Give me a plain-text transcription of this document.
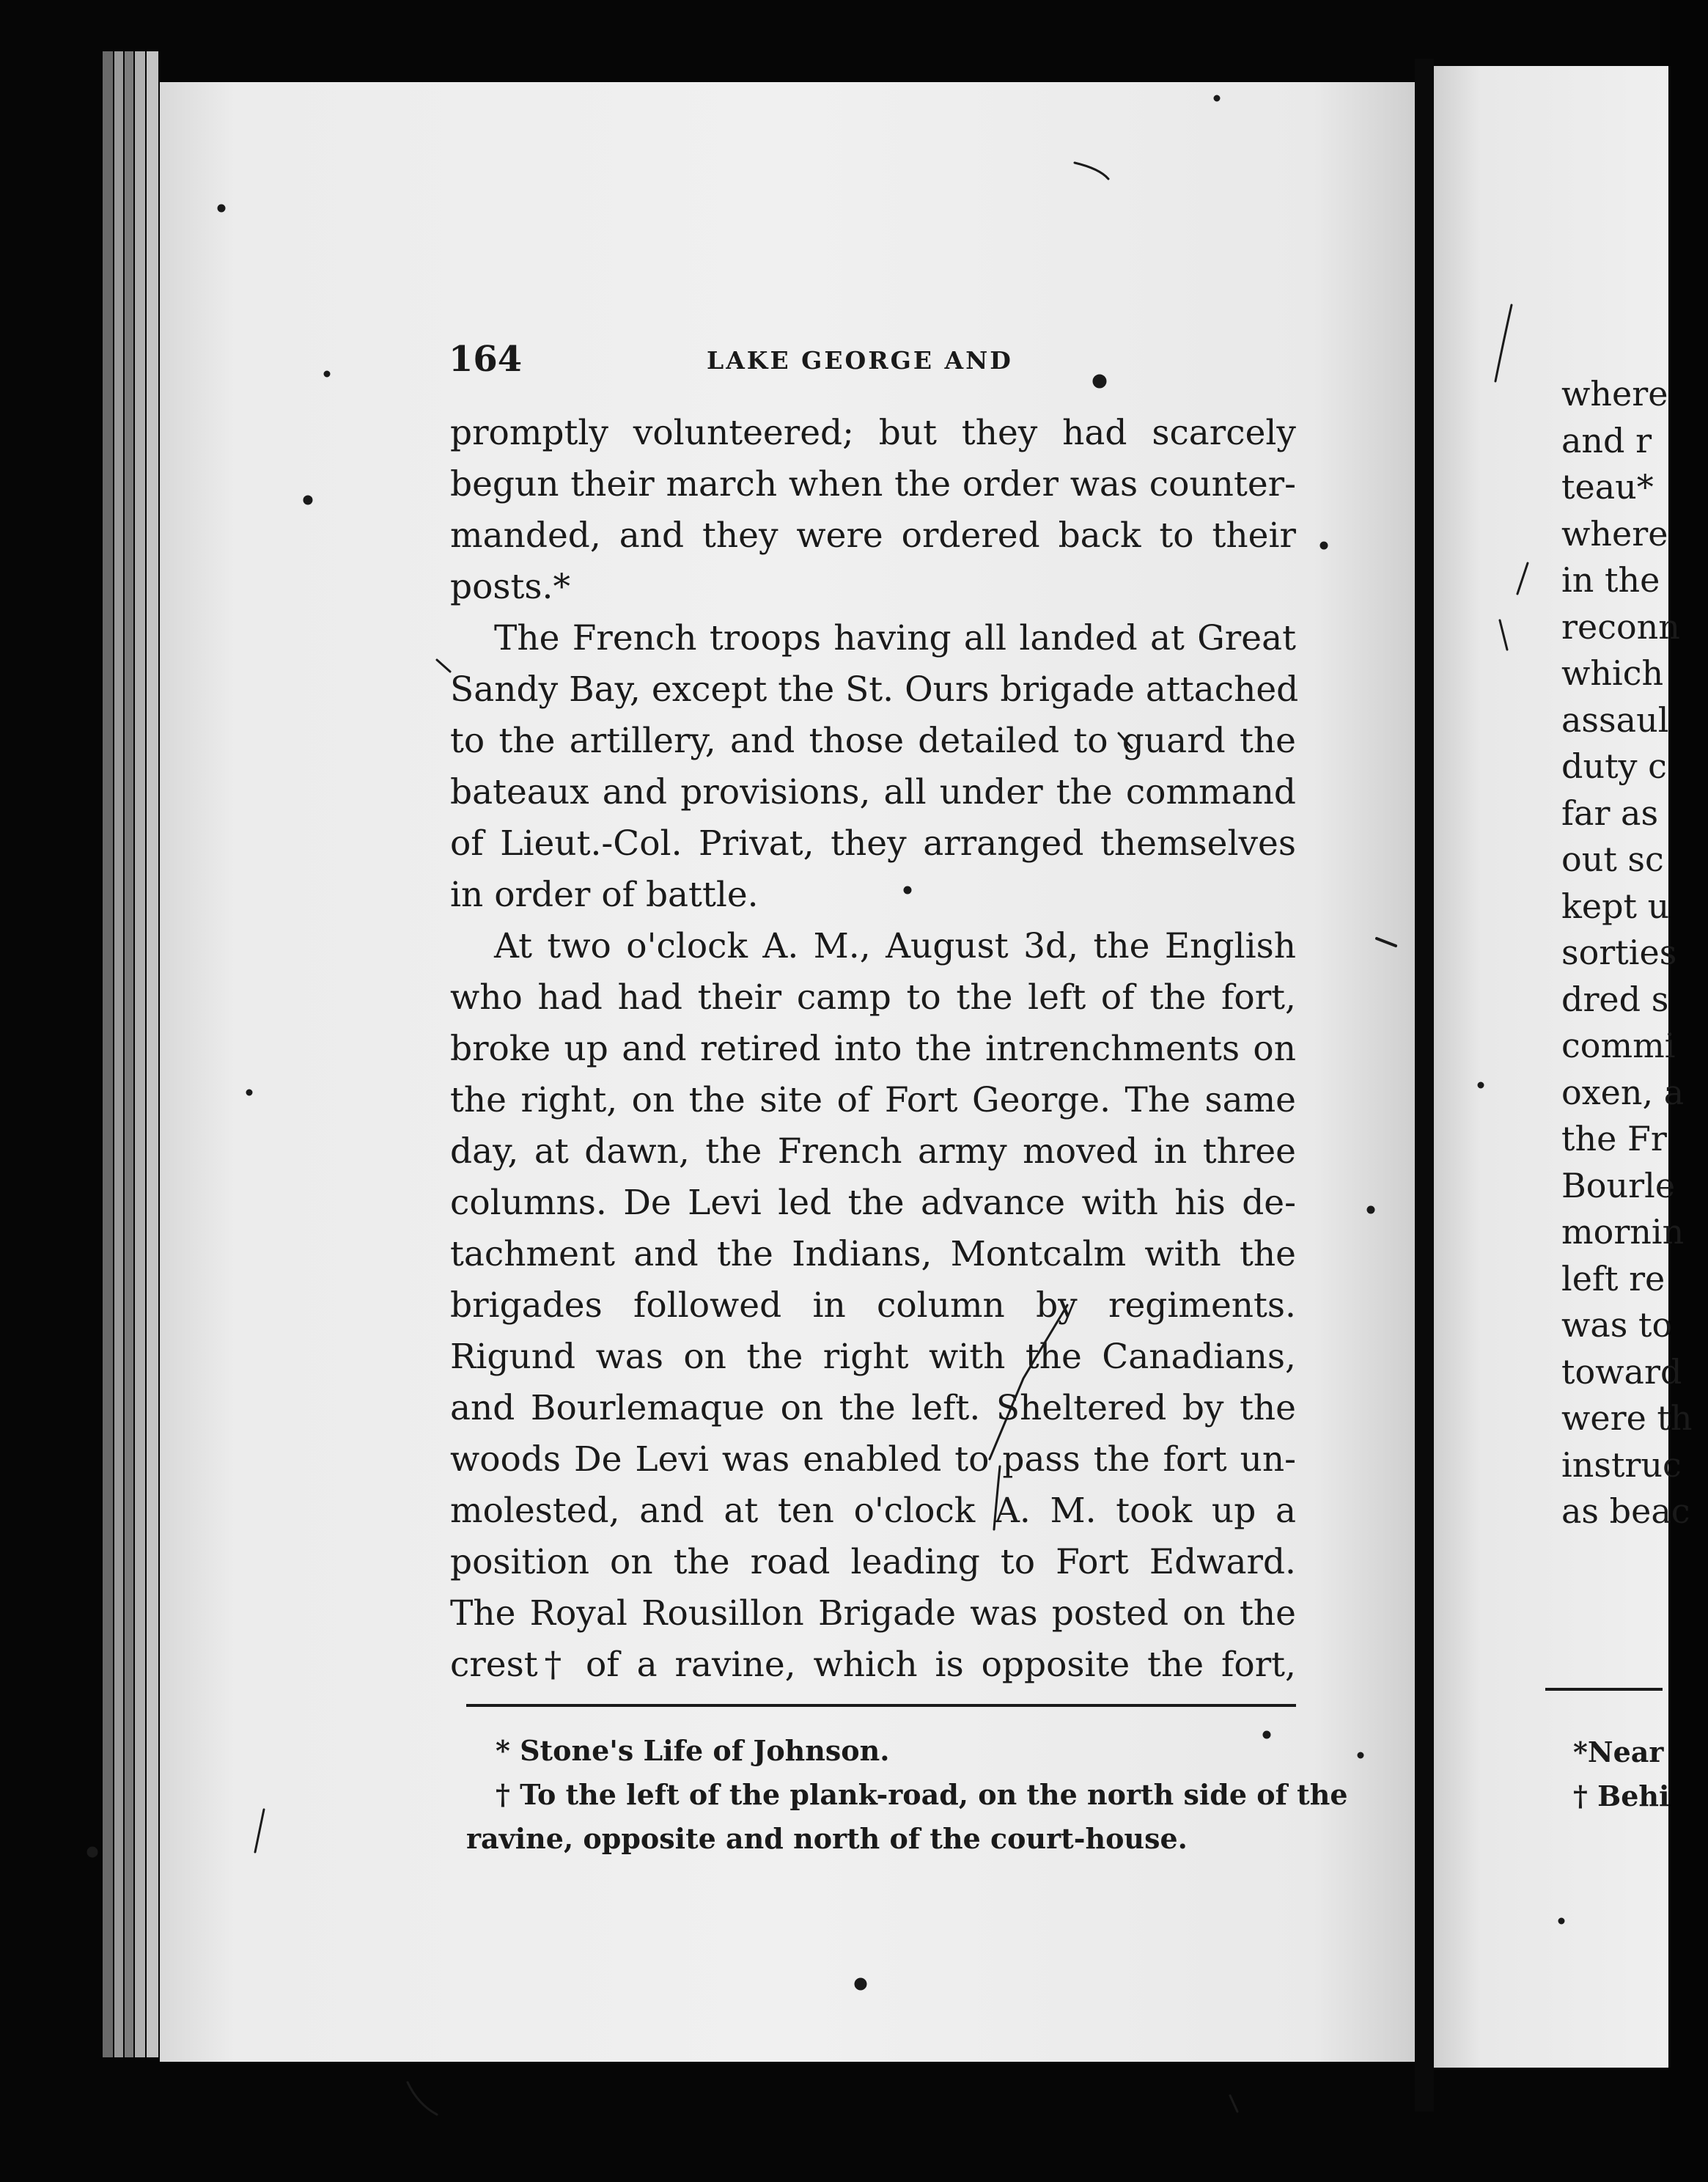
164	LAKE GEORGE AND
promptly volunteered; but they had scarcely
begun their march when the order was counter-
manded, and they were ordered back to their
posts.*
The French troops having all landed at Great
Sandy Bay, except the St. Ours brigade attached
to the artillery, and those detailed to guard the
bateaux and provisions, all under the command
of Lieut.-Col. Privat, they arranged themselves
in order of battle.
At two o'clock A. M., August 3d, the English
who had had their camp to the left of the fort,
broke up and retired into the intrenchments on
the right, on the site of Fort George. The same
day, at dawn, the French army moved in three
columns. De Levi led the advance with his de-
tachment and the Indians, Montcalm with the
brigades followed in column by regiments.
Rigund was on the right with the Canadians,
and Bourlemaque on the left. Sheltered by the
woods De Levi was enabled to pass the fort un-
molested, and at ten o'clock A. M. took up a
position on the road leading to Fort Edward.
The Royal Rousillon Brigade was posted on the
crest† of a ravine, which is opposite the fort,
* Stone's Life of Johnson.
† To the left of the plank-road, on the north side of the
ravine, opposite and north of the court-house.
where
and r
teau*
where
in the
reconn
which
assaul
duty c
far as
out sc
kept u
sorties
dred s
commi
oxen, a
the Fr
Bourle
mornin
left re
was to
toward
were th
instruc
as beac
*Near
† Behi
